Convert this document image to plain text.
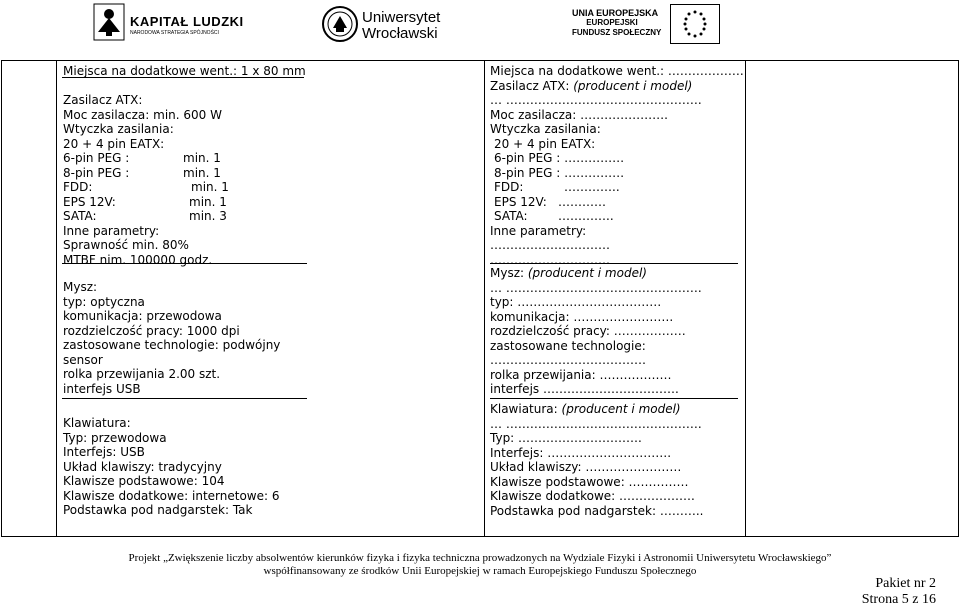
KAPITAŁ LUDZKI
NARODOWA STRATEGIA SPÓJNOŚCI
Uniwersytet
Wrocławski
UNIA EUROPEJSKA
EUROPEJSKI
FUNDUSZ SPOŁECZNY
Miejsca na dodatkowe went.: 1 x 80 mm
Zasilacz ATX:
Moc zasilacza: min. 600 W
Wtyczka zasilania:
20 + 4 pin EATX:
6-pin PEG :	min. 1
8-pin PEG :	min. 1
FDD:	min. 1
EPS 12V:	min. 1
SATA:	min. 3
Inne parametry:
Sprawność min. 80%
MTBF nim. 100000 godz.
Mysz:
typ: optyczna
komunikacja: przewodowa
rozdzielczość pracy: 1000 dpi
zastosowane technologie: podwójny
sensor
rolka przewijania 2.00 szt.
interfejs USB
Klawiatura:
Typ: przewodowa
Interfejs: USB
Układ klawiszy: tradycyjny
Klawisze podstawowe: 104
Klawisze dodatkowe: internetowe: 6
Podstawka pod nadgarstek: Tak
Miejsca na dodatkowe went.: ……………….
Zasilacz ATX: (producent i model)
… ………………………………………….
Moc zasilacza: ………………….
Wtyczka zasilania:
20 + 4 pin EATX:
6-pin PEG : ……………
8-pin PEG : ……………
FDD:	…………..
EPS 12V: …………
SATA:	…………..
Inne parametry:
…………………………
…………………………
Mysz: (producent i model)
… ………………………………………….
typ: ………………………………
komunikacja: …………………….
rozdzielczość pracy: ………………
zastosowane technologie:
…………………………………
rolka przewijania: ………………
interfejs …………………………….
Klawiatura: (producent i model)
… ………………………………………….
Typ: ………………………….
Interfejs: ………………………….
Układ klawiszy: ……………………
Klawisze podstawowe: ……………
Klawisze dodatkowe: ……………….
Podstawka pod nadgarstek: ………..
Projekt „Zwiększenie liczby absolwentów kierunków fizyka i fizyka techniczna prowadzonych na Wydziale Fizyki i Astronomii Uniwersytetu Wrocławskiego”
współfinansowany ze środków Unii Europejskiej w ramach Europejskiego Funduszu Społecznego
Pakiet nr 2
Strona 5 z 16
